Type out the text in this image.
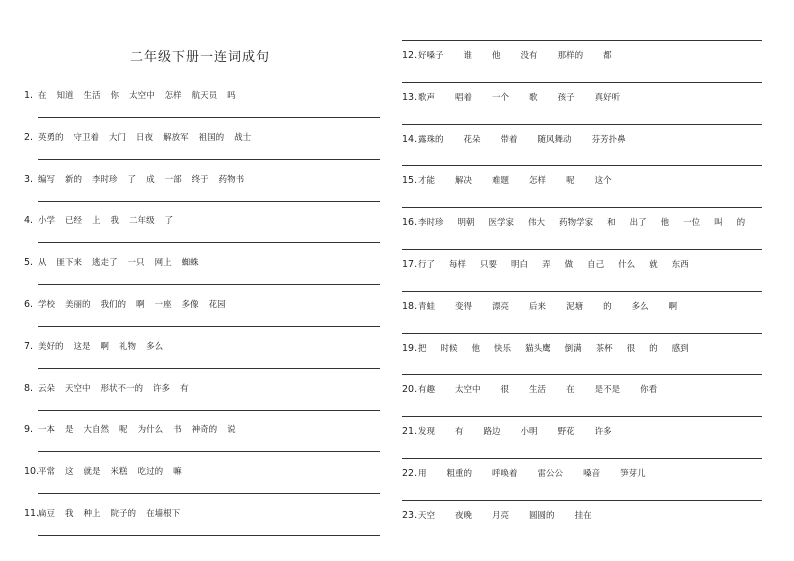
二年级下册一连词成句
1. 在 知道 生活 你 太空中 怎样 航天员 吗
2. 英勇的 守卫着 大门 日夜 解放军 祖国的 战士
3. 编写 新的 李时珍 了 成 一部 终于 药物书
4. 小学 已经 上 我 二年级 了
5. 从 匪下来 逃走了 一只 网上 蜘蛛
6. 学校 美丽的 我们的 啊 一座 多像 花园
7. 美好的 这是 啊 礼物 多么
8. 云朵 天空中 形状不一的 许多 有
9. 一本 是 大自然 呢 为什么 书 神奇的 说
10.平常 这 就是 米糕 吃过的 嘛
11.扁豆 我 种上 院子的 在墙根下
12.好嗓子 谁 他 没有 那样的 都
13.歌声 唱着 一个 歌 孩子 真好听
14.露珠的 花朵 带着 随风舞动 芬芳扑鼻
15.才能 解决 难题 怎样 呢 这个
16.李时珍 明朝 医学家 伟大 药物学家 和 出了 他 一位 叫 的
17.行了 每样 只要 明白 弄 做 自己 什么 就 东西
18.青蛙 变得 漂亮 后来 泥塘 的 多么 啊
19.把 时候 他 快乐 猫头鹰 倒满 茶杯 很 的 感到
20.有趣 太空中 很 生活 在 是不是 你看
21.发现 有 路边 小明 野花 许多
22.用 粗重的 呼唤着 雷公公 嗓音 笋芽儿
23.天空 夜晚 月亮 圆圆的 挂在
